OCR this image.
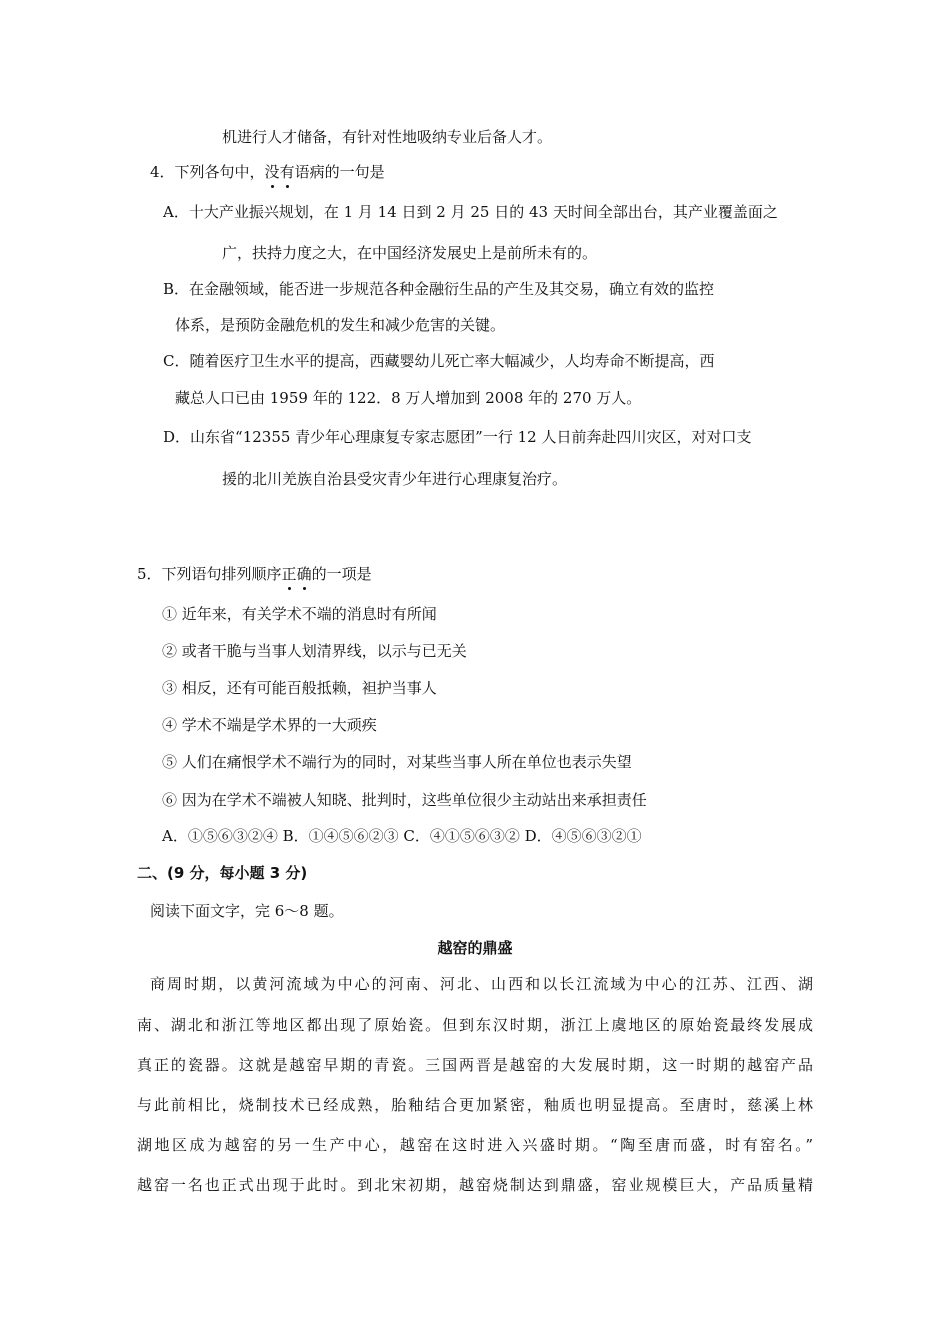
机进行人才储备，有针对性地吸纳专业后备人才。
4．下列各句中，没有语病的一句是
A．十大产业振兴规划，在 1 月 14 日到 2 月 25 日的 43 天时间全部出台，其产业覆盖面之
广，扶持力度之大，在中国经济发展史上是前所未有的。
B．在金融领域，能否进一步规范各种金融衍生品的产生及其交易，确立有效的监控
体系，是预防金融危机的发生和减少危害的关键。
C．随着医疗卫生水平的提高，西藏婴幼儿死亡率大幅减少，人均寿命不断提高，西
藏总人口已由 1959 年的 122．8 万人增加到 2008 年的 270 万人。
D．山东省“12355 青少年心理康复专家志愿团”一行 12 人日前奔赴四川灾区，对对口支
援的北川羌族自治县受灾青少年进行心理康复治疗。
5．下列语句排列顺序正确的一项是
① 近年来，有关学术不端的消息时有所闻
② 或者干脆与当事人划清界线，以示与已无关
③ 相反，还有可能百般抵赖，袒护当事人
④ 学术不端是学术界的一大顽疾
⑤ 人们在痛恨学术不端行为的同时，对某些当事人所在单位也表示失望
⑥ 因为在学术不端被人知晓、批判时，这些单位很少主动站出来承担责任
A．①⑤⑥③②④ B．①④⑤⑥②③ C．④①⑤⑥③② D．④⑤⑥③②①
二、(9 分，每小题 3 分)
阅读下面文字，完 6～8 题。
越窑的鼎盛
商周时期，以黄河流域为中心的河南、河北、山西和以长江流域为中心的江苏、江西、湖
南、湖北和浙江等地区都出现了原始瓷。但到东汉时期，浙江上虞地区的原始瓷最终发展成
真正的瓷器。这就是越窑早期的青瓷。三国两晋是越窑的大发展时期，这一时期的越窑产品
与此前相比，烧制技术已经成熟，胎釉结合更加紧密，釉质也明显提高。至唐时，慈溪上林
湖地区成为越窑的另一生产中心，越窑在这时进入兴盛时期。“陶至唐而盛，时有窑名。”
越窑一名也正式出现于此时。到北宋初期，越窑烧制达到鼎盛，窑业规模巨大，产品质量精
